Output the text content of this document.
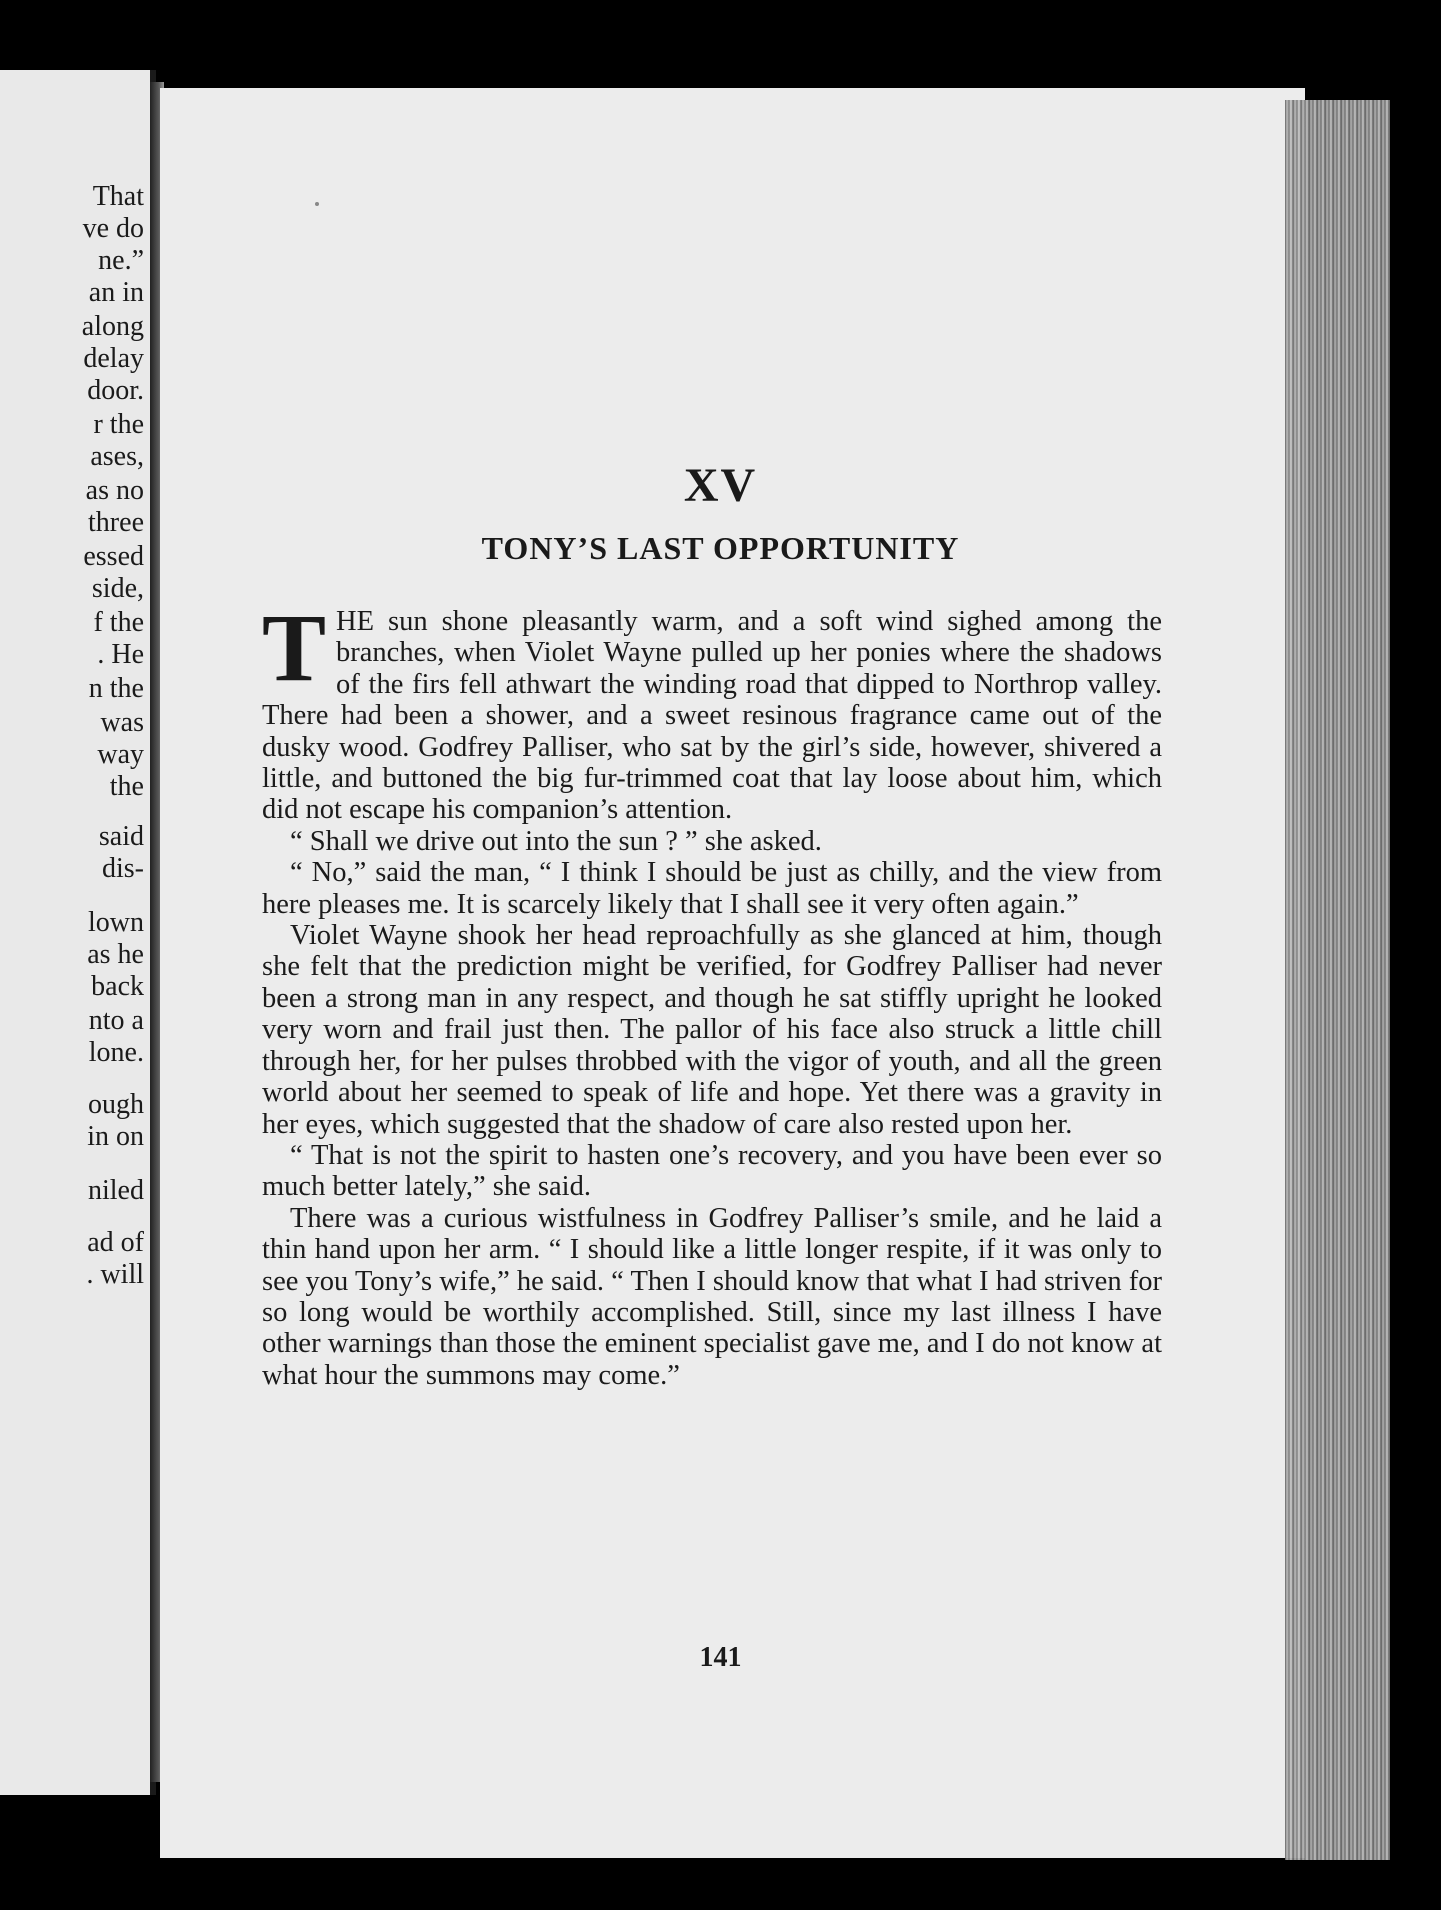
That
ve do
ne.”
an in
along
delay
door.
r the
ases,
as no
three
essed
side,
f the
. He
n the
was
way
the
said
dis-
lown
as he
back
nto a
lone.
ough
in on
niled
ad of
. will
XV
TONY’S LAST OPPORTUNITY

THE sun shone pleasantly warm, and a soft wind sighed among the branches, when Violet Wayne pulled up her ponies where the shadows of the firs fell athwart the winding road that dipped to Northrop valley. There had been a shower, and a sweet resinous fragrance came out of the dusky wood. Godfrey Palliser, who sat by the girl’s side, however, shivered a little, and buttoned the big fur-trimmed coat that lay loose about him, which did not escape his companion’s attention.

“ Shall we drive out into the sun ? ” she asked.

“ No,” said the man, “ I think I should be just as chilly, and the view from here pleases me. It is scarcely likely that I shall see it very often again.”

Violet Wayne shook her head reproachfully as she glanced at him, though she felt that the prediction might be verified, for Godfrey Palliser had never been a strong man in any respect, and though he sat stiffly upright he looked very worn and frail just then. The pallor of his face also struck a little chill through her, for her pulses throbbed with the vigor of youth, and all the green world about her seemed to speak of life and hope. Yet there was a gravity in her eyes, which suggested that the shadow of care also rested upon her.

“ That is not the spirit to hasten one’s recovery, and you have been ever so much better lately,” she said.

There was a curious wistfulness in Godfrey Palliser’s smile, and he laid a thin hand upon her arm. “ I should like a little longer respite, if it was only to see you Tony’s wife,” he said. “ Then I should know that what I had striven for so long would be worthily accomplished. Still, since my last illness I have other warnings than those the eminent specialist gave me, and I do not know at what hour the summons may come.”

141
